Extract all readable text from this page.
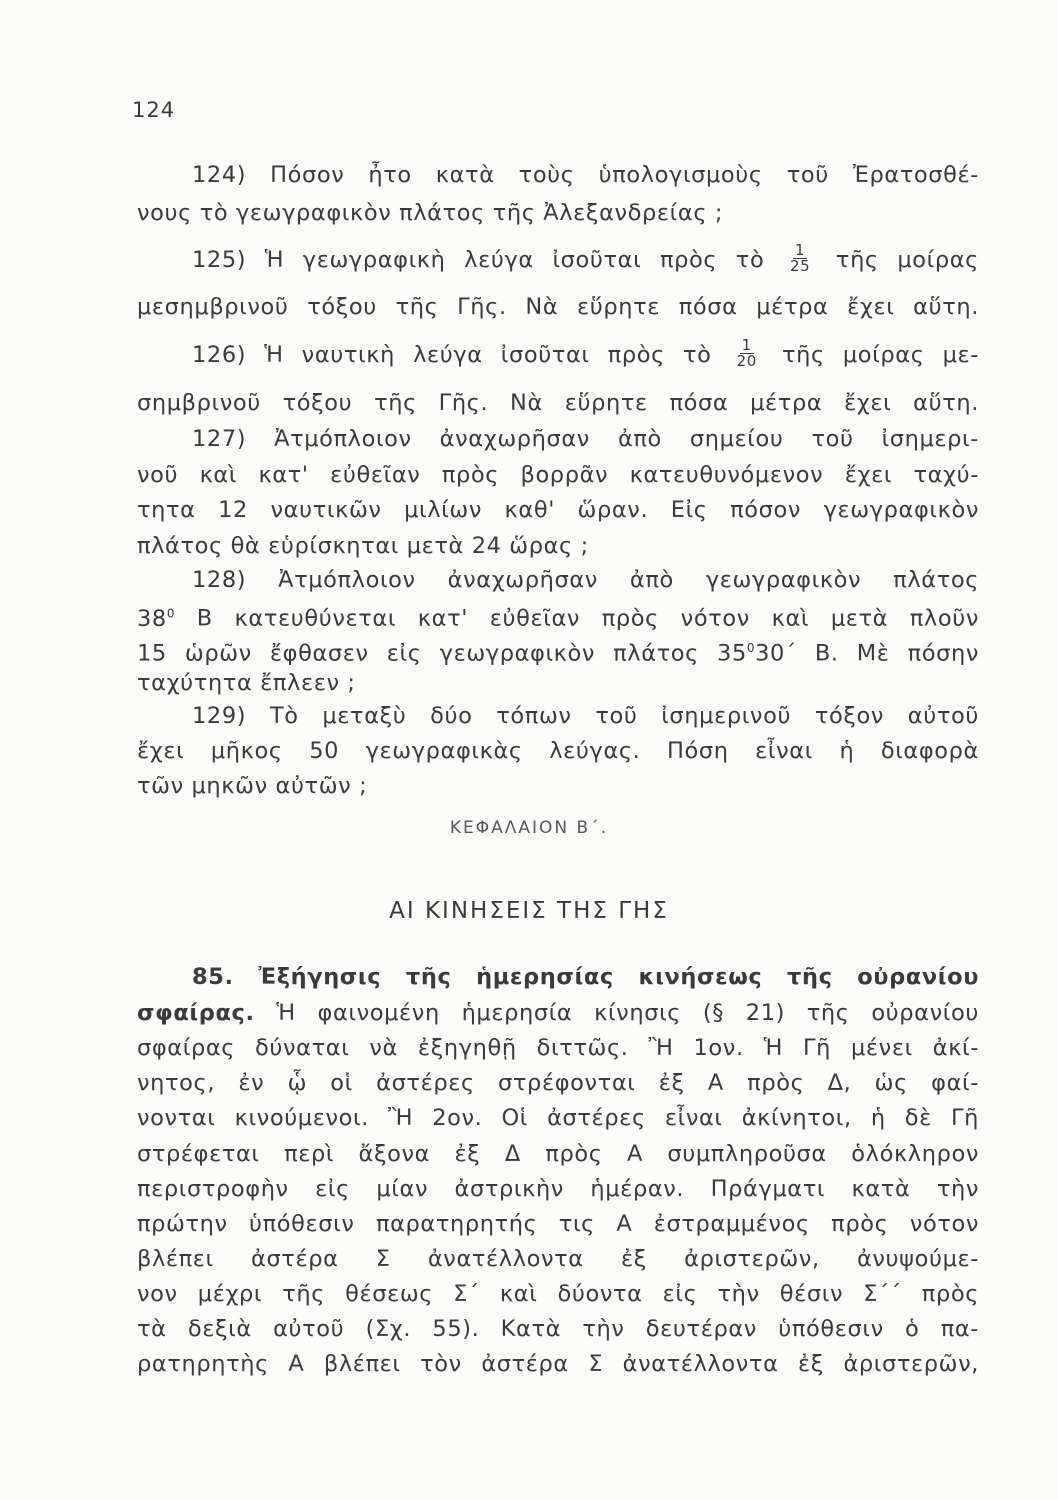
124
124) Πόσον ἦτο κατὰ τοὺς ὑπολογισμοὺς τοῦ Ἐρατοσθέ-
νους τὸ γεωγραφικὸν πλάτος τῆς Ἀλεξανδρείας ;
125) Ἡ γεωγραφικὴ λεύγα ἰσοῦται πρὸς τὸ $\frac{1}{25}$ τῆς μοίρας
μεσημβρινοῦ τόξου τῆς Γῆς. Νὰ εὕρητε πόσα μέτρα ἔχει αὕτη.
126) Ἡ ναυτικὴ λεύγα ἰσοῦται πρὸς τὸ $\frac{1}{20}$ τῆς μοίρας με-
σημβρινοῦ τόξου τῆς Γῆς. Νὰ εὕρητε πόσα μέτρα ἔχει αὕτη.
127) Ἀτμόπλοιον ἀναχωρῆσαν ἀπὸ σημείου τοῦ ἰσημερι-
νοῦ καὶ κατ' εὐθεῖαν πρὸς βορρᾶν κατευθυνόμενον ἔχει ταχύ-
τητα 12 ναυτικῶν μιλίων καθ' ὥραν. Εἰς πόσον γεωγραφικὸν
πλάτος θὰ εὑρίσκηται μετὰ 24 ὥρας ;
128) Ἀτμόπλοιον ἀναχωρῆσαν ἀπὸ γεωγραφικὸν πλάτος
$38^0$ Β κατευθύνεται κατ' εὐθεῖαν πρὸς νότον καὶ μετὰ πλοῦν
15 ὡρῶν ἔφθασεν εἰς γεωγραφικὸν πλάτος $35^030΄$ Β. Μὲ πόσην
ταχύτητα ἔπλεεν ;
129) Τὸ μεταξὺ δύο τόπων τοῦ ἰσημερινοῦ τόξον αὐτοῦ
ἔχει μῆκος 50 γεωγραφικὰς λεύγας. Πόση εἶναι ἡ διαφορὰ
τῶν μηκῶν αὐτῶν ;
ΚΕΦΑΛΑΙΟΝ Β΄.
ΑΙ ΚΙΝΗΣΕΙΣ ΤΗΣ ΓΗΣ
85. Ἐξήγησις τῆς ἡμερησίας κινήσεως τῆς οὐρανίου
σφαίρας. Ἡ φαινομένη ἡμερησία κίνησις (§ 21) τῆς οὐρανίου
σφαίρας δύναται νὰ ἐξηγηθῇ διττῶς. Ἢ 1ον. Ἡ Γῆ μένει ἀκί-
νητος, ἐν ᾧ οἱ ἀστέρες στρέφονται ἐξ Α πρὸς Δ, ὡς φαί-
νονται κινούμενοι. Ἢ 2ον. Οἱ ἀστέρες εἶναι ἀκίνητοι, ἡ δὲ Γῆ
στρέφεται περὶ ἄξονα ἐξ Δ πρὸς Α συμπληροῦσα ὁλόκληρον
περιστροφὴν εἰς μίαν ἀστρικὴν ἡμέραν. Πράγματι κατὰ τὴν
πρώτην ὑπόθεσιν παρατηρητής τις Α ἐστραμμένος πρὸς νότον
βλέπει ἀστέρα Σ ἀνατέλλοντα ἐξ ἀριστερῶν, ἀνυψούμε-
νον μέχρι τῆς θέσεως Σ΄ καὶ δύοντα εἰς τὴν θέσιν Σ΄΄ πρὸς
τὰ δεξιὰ αὐτοῦ (Σχ. 55). Κατὰ τὴν δευτέραν ὑπόθεσιν ὁ πα-
ρατηρητὴς Α βλέπει τὸν ἀστέρα Σ ἀνατέλλοντα ἐξ ἀριστερῶν,
